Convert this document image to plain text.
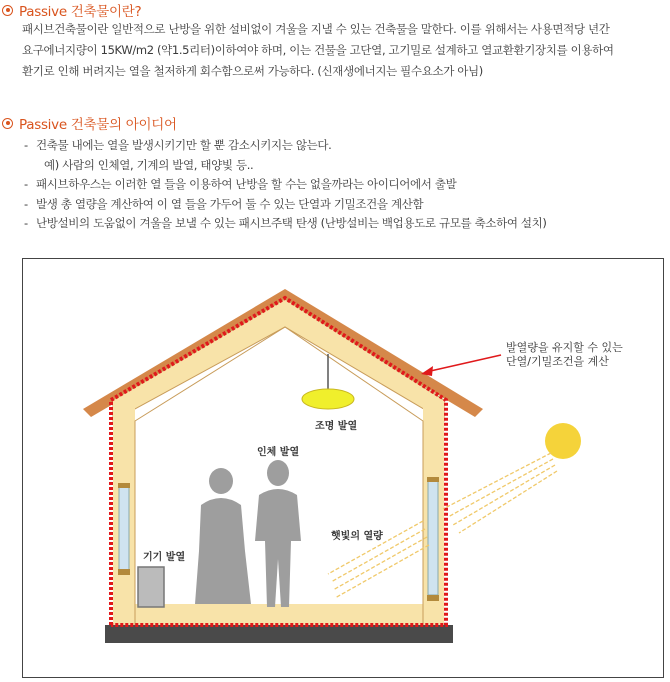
Passive 건축물이란?
패시브건축물이란 일반적으로 난방을 위한 설비없이 겨울을 지낼 수 있는 건축물을 말한다. 이를 위해서는 사용면적당 년간
요구에너지량이 15KW/m2 (약1.5리터)이하여야 하며, 이는 건물을 고단열, 고기밀로 설계하고 열교환환기장치를 이용하여
환기로 인해 버려지는 열을 철저하게 회수함으로써 가능하다. (신재생에너지는 필수요소가 아님)
Passive 건축물의 아이디어
- 건축물 내에는 열을 발생시키기만 할 뿐 감소시키지는 않는다.
예) 사람의 인체열, 기계의 발열, 태양빛 등..
- 패시브하우스는 이러한 열 들을 이용하여 난방을 할 수는 없을까라는 아이디어에서 출발
- 발생 총 열량을 계산하여 이 열 들을 가두어 둘 수 있는 단열과 기밀조건을 계산함
- 난방설비의 도움없이 겨울을 보낼 수 있는 패시브주택 탄생 (난방설비는 백업용도로 규모를 축소하여 설치)
조명 발열
기기 발열
인체 발열
햇빛의 열량
발열량을 유지할 수 있는
단열/기밀조건을 계산
